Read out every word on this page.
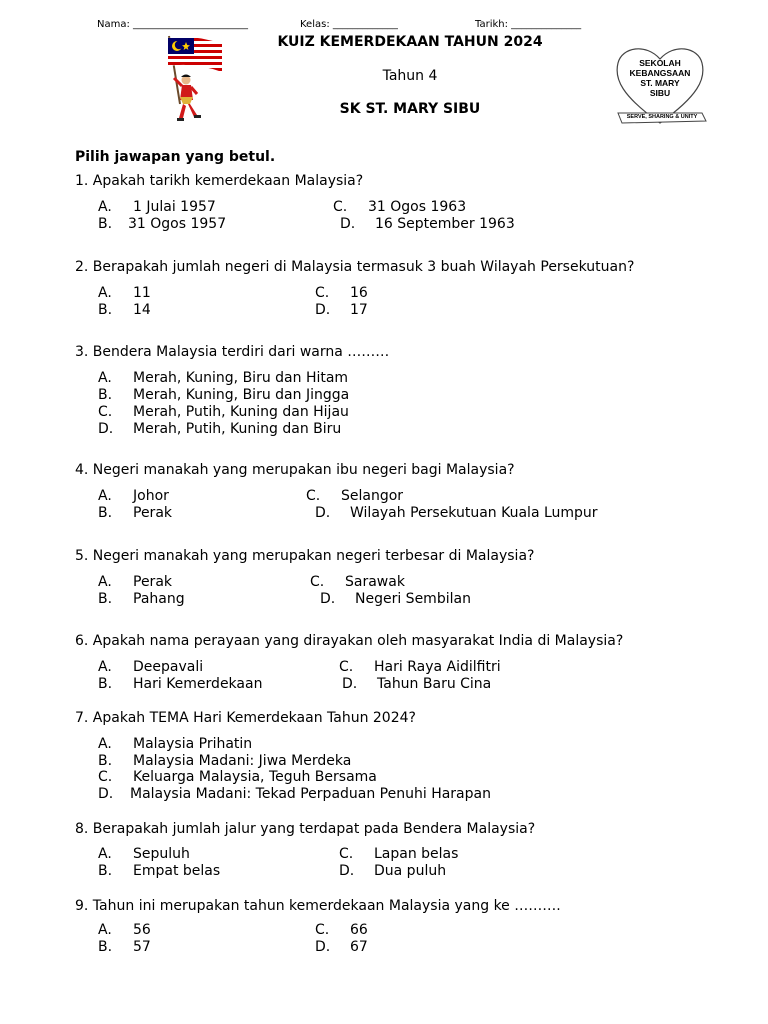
Nama: _______________________	Kelas: _____________	Tarikh: ______________
KUIZ KEMERDEKAAN TAHUN 2024
Tahun 4
SK ST. MARY SIBU
SEKOLAH
KEBANGSAAN
ST. MARY
SIBU
SERVE, SHARING & UNITY
Pilih jawapan yang betul.
1. Apakah tarikh kemerdekaan Malaysia?
A. 1 Julai 1957	C. 31 Ogos 1963
B. 31 Ogos 1957	D. 16 September 1963
2. Berapakah jumlah negeri di Malaysia termasuk 3 buah Wilayah Persekutuan?
A. 11	C. 16
B. 14	D. 17
3. Bendera Malaysia terdiri dari warna ………
A. Merah, Kuning, Biru dan Hitam
B. Merah, Kuning, Biru dan Jingga
C. Merah, Putih, Kuning dan Hijau
D. Merah, Putih, Kuning dan Biru
4. Negeri manakah yang merupakan ibu negeri bagi Malaysia?
A. Johor	C. Selangor
B. Perak	D. Wilayah Persekutuan Kuala Lumpur
5. Negeri manakah yang merupakan negeri terbesar di Malaysia?
A. Perak	C. Sarawak
B. Pahang	D. Negeri Sembilan
6. Apakah nama perayaan yang dirayakan oleh masyarakat India di Malaysia?
A. Deepavali	C. Hari Raya Aidilfitri
B. Hari Kemerdekaan	D. Tahun Baru Cina
7. Apakah TEMA Hari Kemerdekaan Tahun 2024?
A. Malaysia Prihatin
B. Malaysia Madani: Jiwa Merdeka
C. Keluarga Malaysia, Teguh Bersama
D. Malaysia Madani: Tekad Perpaduan Penuhi Harapan
8. Berapakah jumlah jalur yang terdapat pada Bendera Malaysia?
A. Sepuluh	C. Lapan belas
B. Empat belas	D. Dua puluh
9. Tahun ini merupakan tahun kemerdekaan Malaysia yang ke ……….
A. 56	C. 66
B. 57	D. 67
